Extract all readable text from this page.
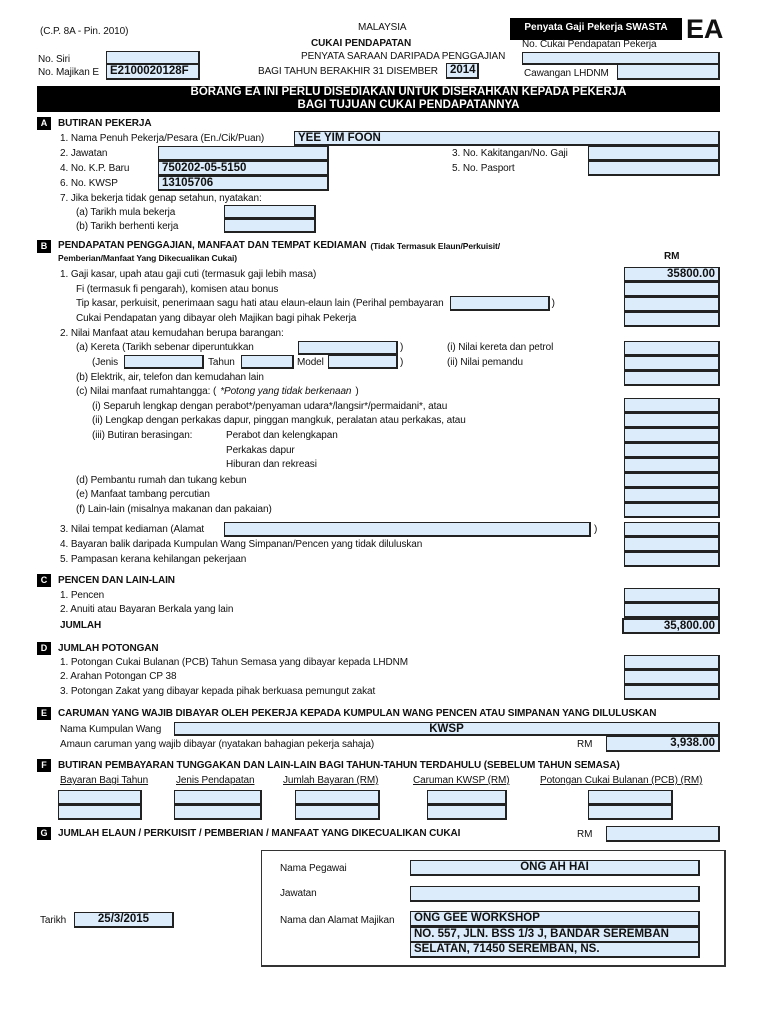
Penyata Gaji Pekerja SWASTA EA
BORANG EA INI PERLU DISEDIAKAN UNTUK DISERAHKAN KEPADA PEKERJA
BAGI TUJUAN CUKAI PENDAPATANNYA
PENDAPATAN PENGGAJIAN, MANFAAT DAN TEMPAT KEDIAMAN (Tidak Termasuk Elaun/Perkuisit/
Tip kasar, perkuisit, penerimaan sagu hati atau elaun-elaun lain (Perihal pembayaran	)
(c) Nilai manfaat rumahtangga: ( *Potong yang tidak berkenaan )
(C.P. 8A - Pin. 2010)	MALAYSIA
CUKAI PENDAPATAN
PENYATA SARAAN DARIPADA PENGGAJIAN
BAGI TAHUN BERAKHIR 31 DISEMBER	2014
No. Siri
No. Majikan E E2100020128F
No. Cukai Pendapatan Pekerja
Cawangan LHDNM
A	BUTIRAN PEKERJA
1. Nama Penuh Pekerja/Pesara (En./Cik/Puan)	YEE YIM FOON
2. Jawatan	3. No. Kakitangan/No. Gaji
4. No. K.P. Baru	750202-05-5150	5. No. Pasport
6. No. KWSP	13105706
7. Jika bekerja tidak genap setahun, nyatakan:
(a) Tarikh mula bekerja
(b) Tarikh berhenti kerja
B
Pemberian/Manfaat Yang Dikecualikan Cukai)	RM
1. Gaji kasar, upah atau gaji cuti (termasuk gaji lebih masa)	35800.00
Fi (termasuk fi pengarah), komisen atau bonus
Cukai Pendapatan yang dibayar oleh Majikan bagi pihak Pekerja
(i) Nilai kereta dan petrol
(ii) Nilai pemandu
(b) Elektrik, air, telefon dan kemudahan lain
(i) Separuh lengkap dengan perabot*/penyaman udara*/langsir*/permaidani*, atau
(ii) Lengkap dengan perkakas dapur, pinggan mangkuk, peralatan atau perkakas, atau
Perabot dan kelengkapan
Perkakas dapur
Hiburan dan rekreasi
(d) Pembantu rumah dan tukang kebun
(e) Manfaat tambang percutian
(f) Lain-lain (misalnya makanan dan pakaian)
3. Nilai tempat kediaman (Alamat
4. Bayaran balik daripada Kumpulan Wang Simpanan/Pencen yang tidak diluluskan
5. Pampasan kerana kehilangan pekerjaan
2. Nilai Manfaat atau kemudahan berupa barangan:
(a) Kereta (Tarikh sebenar diperuntukkan	)
(Jenis	Tahun	Model	)
(iii) Butiran berasingan:
)
C	PENCEN DAN LAIN-LAIN
1. Pencen
2. Anuiti atau Bayaran Berkala yang lain
JUMLAH	35,800.00
D	JUMLAH POTONGAN
1. Potongan Cukai Bulanan (PCB) Tahun Semasa yang dibayar kepada LHDNM
2. Arahan Potongan CP 38
3. Potongan Zakat yang dibayar kepada pihak berkuasa pemungut zakat
E	CARUMAN YANG WAJIB DIBAYAR OLEH PEKERJA KEPADA KUMPULAN WANG PENCEN ATAU SIMPANAN YANG DILULUSKAN
Nama Kumpulan Wang	KWSP
Amaun caruman yang wajib dibayar (nyatakan bahagian pekerja sahaja)	RM	3,938.00
F	BUTIRAN PEMBAYARAN TUNGGAKAN DAN LAIN-LAIN BAGI TAHUN-TAHUN TERDAHULU (SEBELUM TAHUN SEMASA)
Bayaran Bagi Tahun	Jenis Pendapatan	Jumlah Bayaran (RM)	Caruman KWSP (RM)	Potongan Cukai Bulanan (PCB) (RM)
G	JUMLAH ELAUN / PERKUISIT / PEMBERIAN / MANFAAT YANG DIKECUALIKAN CUKAI	RM
Tarikh	25/3/2015
Nama Pegawai	ONG AH HAI
Jawatan
Nama dan Alamat Majikan	ONG GEE WORKSHOP
NO. 557, JLN. BSS 1/3 J, BANDAR SEREMBAN
SELATAN, 71450 SEREMBAN, NS.
